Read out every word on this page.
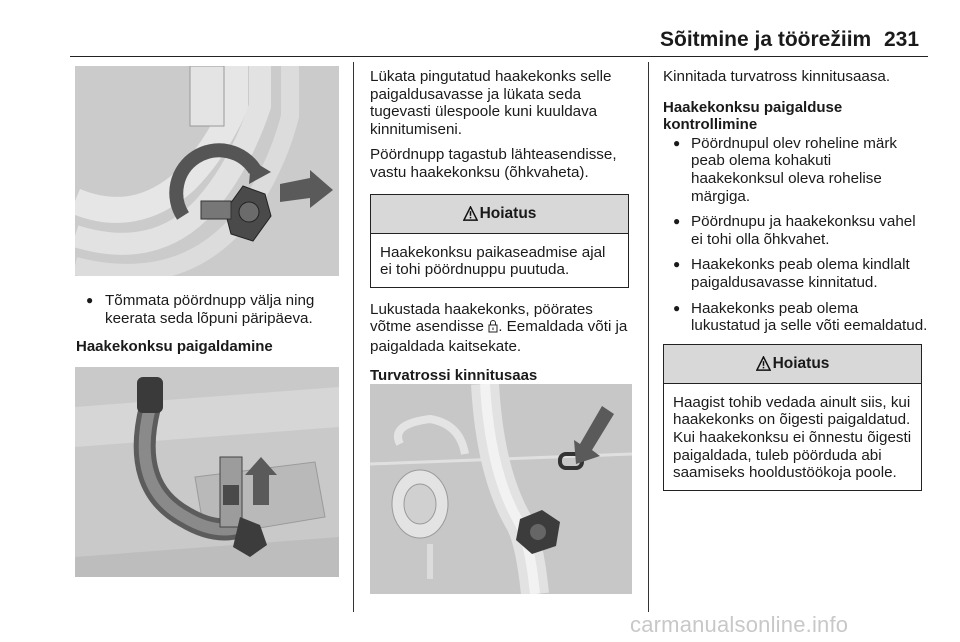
Sõitmine ja töörežiim 231
● Tõmmata pöördnupp välja ning keerata seda lõpuni päripäeva.
Haakekonksu paigaldamine

Lükata pingutatud haakekonks selle paigaldusavasse ja lükata seda tugevasti ülespoole kuni kuuldava kinnitumiseni.

Pöördnupp tagastub lähteasendisse, vastu haakekonksu (õhkvaheta).

Hoiatus
Haakekonksu paikaseadmise ajal ei tohi pöördnuppu puutuda.

Lukustada haakekonks, pöörates võtme asendisse . Eemaldada võti ja paigaldada kaitsekate.

Turvatrossi kinnitusaas

Kinnitada turvatross kinnitusaasa.

Haakekonksu paigalduse kontrollimine
● Pöördnupul olev roheline märk peab olema kohakuti haakekonksul oleva rohelise märgiga.
● Pöördnupu ja haakekonksu vahel ei tohi olla õhkvahet.
● Haakekonks peab olema kindlalt paigaldusavasse kinnitatud.
● Haakekonks peab olema lukustatud ja selle võti eemaldatud.
Hoiatus
Haagist tohib vedada ainult siis, kui haakekonks on õigesti paigaldatud. Kui haakekonksu ei õnnestu õigesti paigaldada, tuleb pöörduda abi saamiseks hooldustöökoja poole.
carmanualsonline.info
